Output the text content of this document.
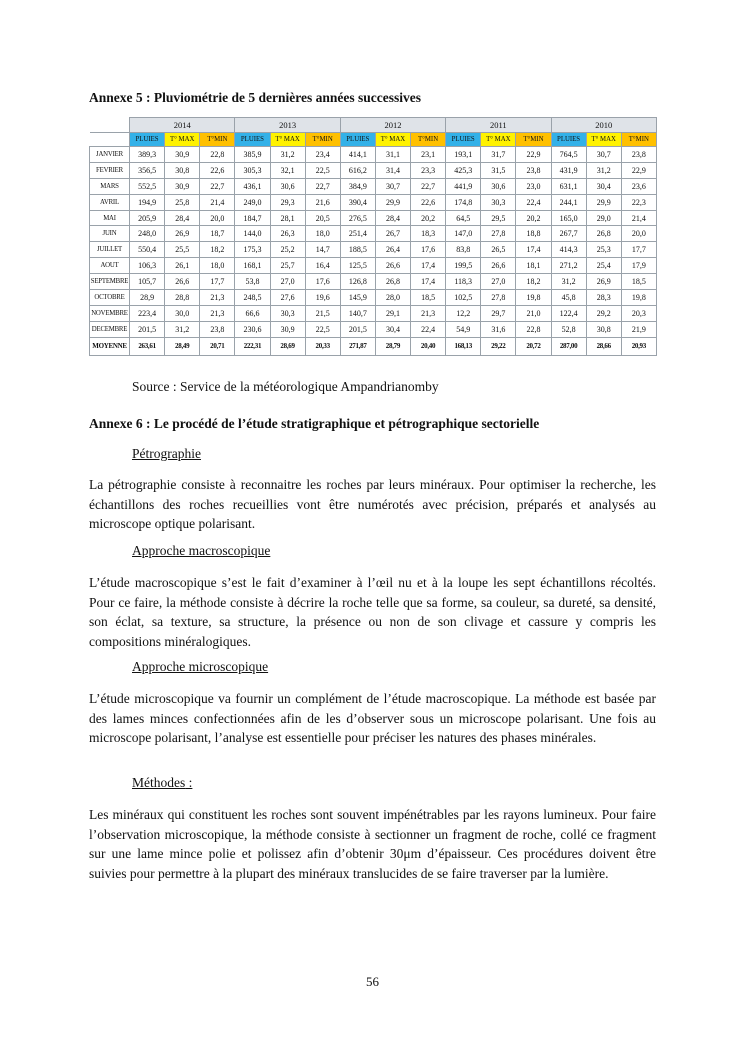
Annexe 5 : Pluviométrie de 5 dernières années successives
	2014			2013			2012			2011			2010		
	PLUIES	T° MAX	T°MIN	PLUIES	T° MAX	T°MIN	PLUIES	T° MAX	T°MIN	PLUIES	T° MAX	T°MIN	PLUIES	T° MAX	T°MIN
JANVIER	389,3	30,9	22,8	385,9	31,2	23,4	414,1	31,1	23,1	193,1	31,7	22,9	764,5	30,7	23,8
FEVRIER	356,5	30,8	22,6	305,3	32,1	22,5	616,2	31,4	23,3	425,3	31,5	23,8	431,9	31,2	22,9
MARS	552,5	30,9	22,7	436,1	30,6	22,7	384,9	30,7	22,7	441,9	30,6	23,0	631,1	30,4	23,6
AVRIL	194,9	25,8	21,4	249,0	29,3	21,6	390,4	29,9	22,6	174,8	30,3	22,4	244,1	29,9	22,3
MAI	205,9	28,4	20,0	184,7	28,1	20,5	276,5	28,4	20,2	64,5	29,5	20,2	165,0	29,0	21,4
JUIN	248,0	26,9	18,7	144,0	26,3	18,0	251,4	26,7	18,3	147,0	27,8	18,8	267,7	26,8	20,0
JUILLET	550,4	25,5	18,2	175,3	25,2	14,7	188,5	26,4	17,6	83,8	26,5	17,4	414,3	25,3	17,7
AOUT	106,3	26,1	18,0	168,1	25,7	16,4	125,5	26,6	17,4	199,5	26,6	18,1	271,2	25,4	17,9
SEPTEMBRE	105,7	26,6	17,7	53,8	27,0	17,6	126,8	26,8	17,4	118,3	27,0	18,2	31,2	26,9	18,5
OCTOBRE	28,9	28,8	21,3	248,5	27,6	19,6	145,9	28,0	18,5	102,5	27,8	19,8	45,8	28,3	19,8
NOVEMBRE	223,4	30,0	21,3	66,6	30,3	21,5	140,7	29,1	21,3	12,2	29,7	21,0	122,4	29,2	20,3
DECEMBRE	201,5	31,2	23,8	230,6	30,9	22,5	201,5	30,4	22,4	54,9	31,6	22,8	52,8	30,8	21,9
MOYENNE	263,61	28,49	20,71	222,31	28,69	20,33	271,87	28,79	20,40	168,13	29,22	20,72	287,00	28,66	20,93
Source : Service de la météorologique Ampandrianomby
Annexe 6 : Le procédé de l’étude stratigraphique et pétrographique sectorielle
Pétrographie
La pétrographie consiste à reconnaitre les roches par leurs minéraux. Pour optimiser la recherche, les échantillons des roches recueillies vont être numérotés avec précision, préparés et analysés au microscope optique polarisant.
Approche macroscopique
L’étude macroscopique s’est le fait d’examiner à l’œil nu et à la loupe les sept échantillons récoltés. Pour ce faire, la méthode consiste à décrire la roche telle que sa forme, sa couleur, sa dureté, sa densité, son éclat, sa texture, sa structure, la présence ou non de son clivage et cassure y compris les compositions minéralogiques.
Approche microscopique
L’étude microscopique va fournir un complément de l’étude macroscopique. La méthode est basée par des lames minces confectionnées afin de les d’observer sous un microscope polarisant. Une fois au microscope polarisant, l’analyse est essentielle pour préciser les natures des phases minérales.
Méthodes :
Les minéraux qui constituent les roches sont souvent impénétrables par les rayons lumineux. Pour faire l’observation microscopique, la méthode consiste à sectionner un fragment de roche, collé ce fragment sur une lame mince polie et polissez afin d’obtenir 30μm d’épaisseur. Ces procédures doivent être suivies pour permettre à la plupart des minéraux translucides de se faire traverser par la lumière.
56
